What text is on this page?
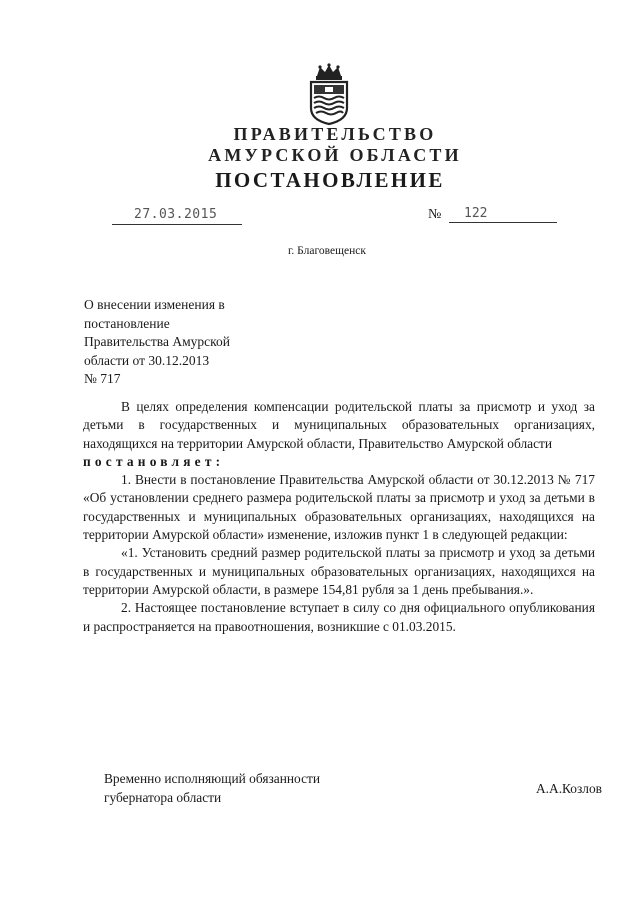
ПРАВИТЕЛЬСТВО
АМУРСКОЙ ОБЛАСТИ
ПОСТАНОВЛЕНИЕ
27.03.2015	№ 122
г. Благовещенск
О внесении изменения в
постановление
Правительства Амурской
области от 30.12.2013
№ 717

В целях определения компенсации родительской платы за присмотр и уход за детьми в государственных и муниципальных образовательных организациях, находящихся на территории Амурской области, Правительство Амурской области

постановляет:

1. Внести в постановление Правительства Амурской области от 30.12.2013 № 717 «Об установлении среднего размера родительской платы за присмотр и уход за детьми в государственных и муниципальных образовательных организациях, находящихся на территории Амурской области» изменение, изложив пункт 1 в следующей редакции:

«1. Установить средний размер родительской платы за присмотр и уход за детьми в государственных и муниципальных образовательных организациях, находящихся на территории Амурской области, в размере 154,81 рубля за 1 день пребывания.».

2. Настоящее постановление вступает в силу со дня официального опубликования и распространяется на правоотношения, возникшие с 01.03.2015.

Временно исполняющий обязанности
губернатора области
А.А.Козлов
